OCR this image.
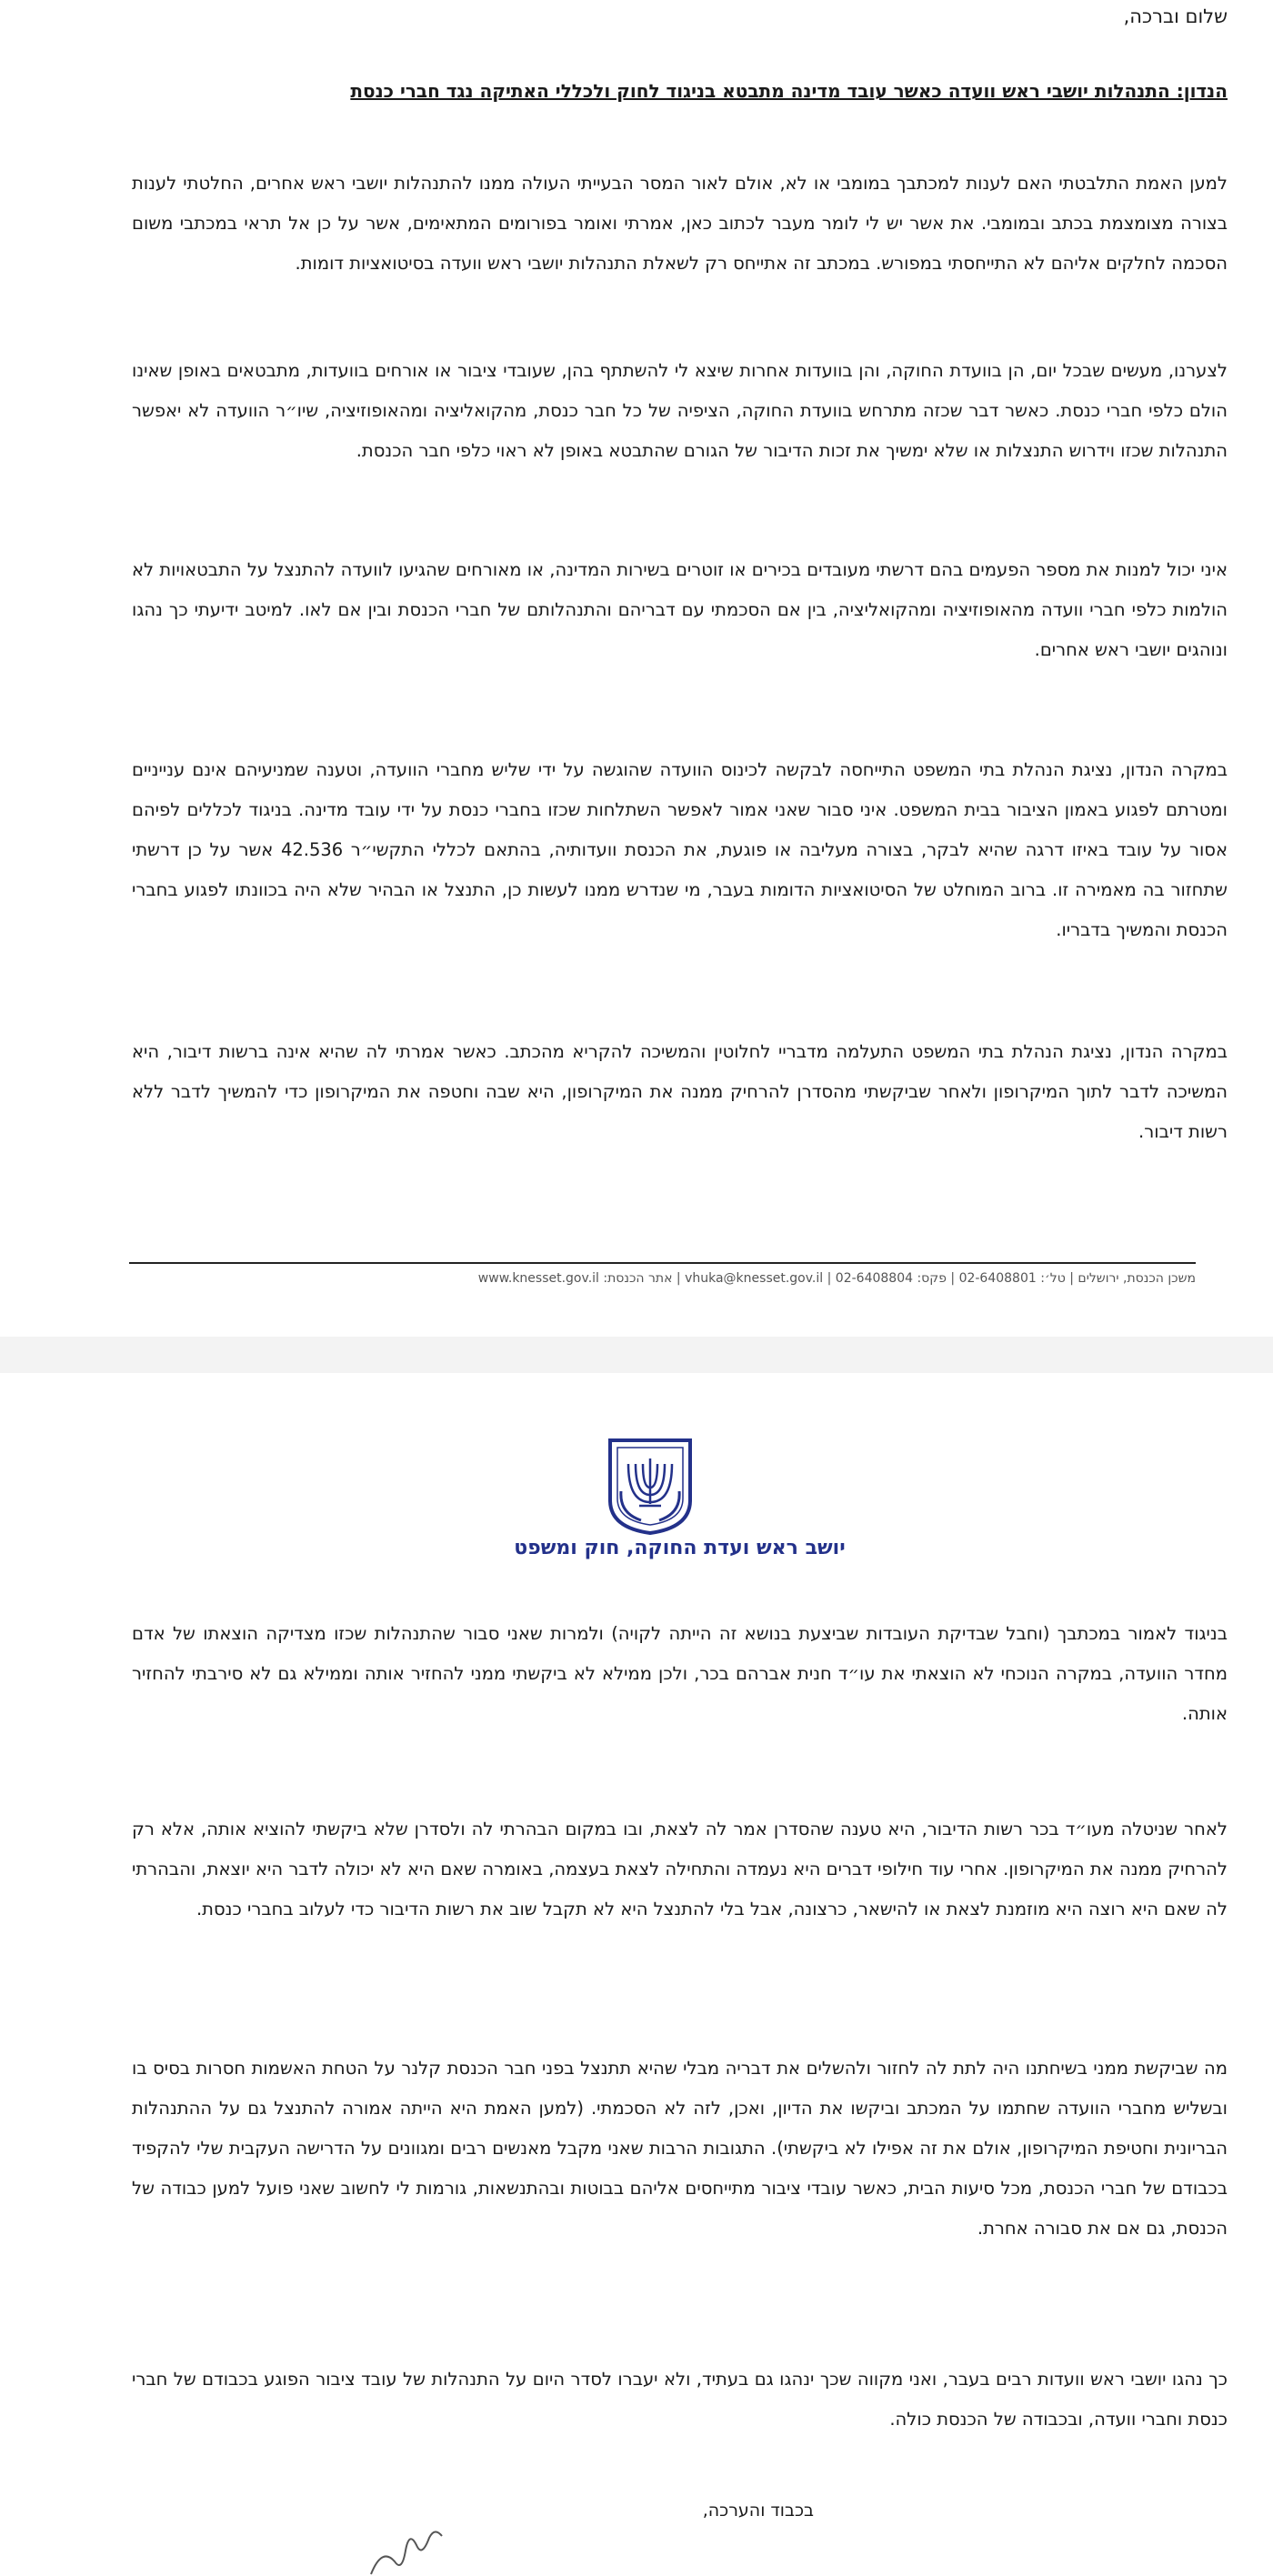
שלום וברכה,

הנדון: התנהלות יושבי ראש וועדה כאשר עובד מדינה מתבטא בניגוד לחוק ולכללי האתיקה נגד חברי כנסת

למען האמת התלבטתי האם לענות למכתבך במומבי או לא, אולם לאור המסר הבעייתי העולה ממנו להתנהלות יושבי ראש אחרים, החלטתי לענות בצורה מצומצמת בכתב ובמומבי. את אשר יש לי לומר מעבר לכתוב כאן, אמרתי ואומר בפורומים המתאימים, אשר על כן אל תראי במכתבי משום הסכמה לחלקים אליהם לא התייחסתי במפורש. במכתב זה אתייחס רק לשאלת התנהלות יושבי ראש וועדה בסיטואציות דומות.

לצערנו, מעשים שבכל יום, הן בוועדת החוקה, והן בוועדות אחרות שיצא לי להשתתף בהן, שעובדי ציבור או אורחים בוועדות, מתבטאים באופן שאינו הולם כלפי חברי כנסת. כאשר דבר שכזה מתרחש בוועדת החוקה, הציפיה של כל חבר כנסת, מהקואליציה ומהאופוזיציה, שיו״ר הוועדה לא יאפשר התנהלות שכזו וידרוש התנצלות או שלא ימשיך את זכות הדיבור של הגורם שהתבטא באופן לא ראוי כלפי חבר הכנסת.

איני יכול למנות את מספר הפעמים בהם דרשתי מעובדים בכירים או זוטרים בשירות המדינה, או מאורחים שהגיעו לוועדה להתנצל על התבטאויות לא הולמות כלפי חברי וועדה מהאופוזיציה ומהקואליציה, בין אם הסכמתי עם דבריהם והתנהלותם של חברי הכנסת ובין אם לאו. למיטב ידיעתי כך נהגו ונוהגים יושבי ראש אחרים.

במקרה הנדון, נציגת הנהלת בתי המשפט התייחסה לבקשה לכינוס הוועדה שהוגשה על ידי שליש מחברי הוועדה, וטענה שמניעיהם אינם ענייניים ומטרתם לפגוע באמון הציבור בבית המשפט. איני סבור שאני אמור לאפשר השתלחות שכזו בחברי כנסת על ידי עובד מדינה. בניגוד לכללים לפיהם אסור על עובד באיזו דרגה שהיא לבקר, בצורה מעליבה או פוגעת, את הכנסת וועדותיה, בהתאם לכללי התקשי״ר 42.536 אשר על כן דרשתי שתחזור בה מאמירה זו. ברוב המוחלט של הסיטואציות הדומות בעבר, מי שנדרש ממנו לעשות כן, התנצל או הבהיר שלא היה בכוונתו לפגוע בחברי הכנסת והמשיך בדבריו.

במקרה הנדון, נציגת הנהלת בתי המשפט התעלמה מדבריי לחלוטין והמשיכה להקריא מהכתב. כאשר אמרתי לה שהיא אינה ברשות דיבור, היא המשיכה לדבר לתוך המיקרופון ולאחר שביקשתי מהסדרן להרחיק ממנה את המיקרופון, היא שבה וחטפה את המיקרופון כדי להמשיך לדבר ללא רשות דיבור.

משכן הכנסת, ירושלים | טל׳: 02-6408801 | פקס: 02-6408804 | vhuka@knesset.gov.il | אתר הכנסת: www.knesset.gov.il

יושב ראש ועדת החוקה, חוק ומשפט

בניגוד לאמור במכתבך (וחבל שבדיקת העובדות שביצעת בנושא זה הייתה לקויה) ולמרות שאני סבור שהתנהלות שכזו מצדיקה הוצאתו של אדם מחדר הוועדה, במקרה הנוכחי לא הוצאתי את עו״ד חנית אברהם בכר, ולכן ממילא לא ביקשתי ממני להחזיר אותה וממילא גם לא סירבתי להחזיר אותה.

לאחר שניטלה מעו״ד בכר רשות הדיבור, היא טענה שהסדרן אמר לה לצאת, ובו במקום הבהרתי לה ולסדרן שלא ביקשתי להוציא אותה, אלא רק להרחיק ממנה את המיקרופון. אחרי עוד חילופי דברים היא נעמדה והתחילה לצאת בעצמה, באומרה שאם היא לא יכולה לדבר היא יוצאת, והבהרתי לה שאם היא רוצה היא מוזמנת לצאת או להישאר, כרצונה, אבל בלי להתנצל היא לא תקבל שוב את רשות הדיבור כדי לעלוב בחברי כנסת.

מה שביקשת ממני בשיחתנו היה לתת לה לחזור ולהשלים את דבריה מבלי שהיא תתנצל בפני חבר הכנסת קלנר על הטחת האשמות חסרות בסיס בו ובשליש מחברי הוועדה שחתמו על המכתב וביקשו את הדיון, ואכן, לזה לא הסכמתי. (למען האמת היא הייתה אמורה להתנצל גם על ההתנהלות הבריונית וחטיפת המיקרופון, אולם את זה אפילו לא ביקשתי). התגובות הרבות שאני מקבל מאנשים רבים ומגוונים על הדרישה העקבית שלי להקפיד בכבודם של חברי הכנסת, מכל סיעות הבית, כאשר עובדי ציבור מתייחסים אליהם בבוטות ובהתנשאות, גורמות לי לחשוב שאני פועל למען כבודה של הכנסת, גם אם את סבורה אחרת.

כך נהגו יושבי ראש וועדות רבים בעבר, ואני מקווה שכך ינהגו גם בעתיד, ולא יעברו לסדר היום על התנהלות של עובד ציבור הפוגע בכבודם של חברי כנסת וחברי וועדה, ובכבודה של הכנסת כולה.

בכבוד והערכה,
